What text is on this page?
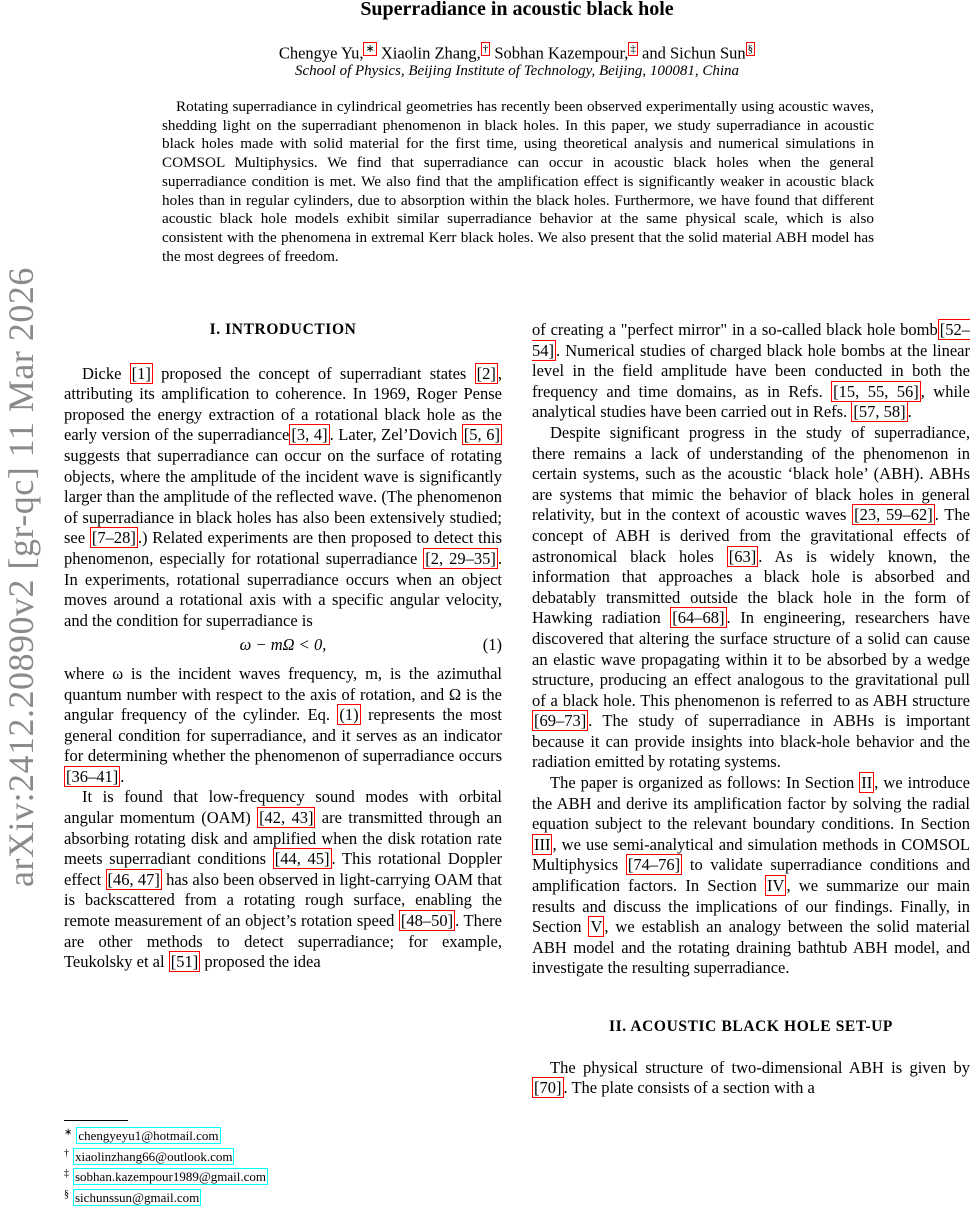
arXiv:2412.20890v2 [gr-qc] 11 Mar 2026
Superradiance in acoustic black hole
Chengye Yu, ∗ Xiaolin Zhang, † Sobhan Kazempour, ‡ and Sichun Sun §
School of Physics, Beijing Institute of Technology, Beijing, 100081, China
Rotating superradiance in cylindrical geometries has recently been observed experimentally using acoustic waves, shedding light on the superradiant phenomenon in black holes. In this paper, we study superradiance in acoustic black holes made with solid material for the first time, using theoretical analysis and numerical simulations in COMSOL Multiphysics. We find that superradiance can occur in acoustic black holes when the general superradiance condition is met. We also find that the amplification effect is significantly weaker in acoustic black holes than in regular cylinders, due to absorption within the black holes. Furthermore, we have found that different acoustic black hole models exhibit similar superradiance behavior at the same physical scale, which is also consistent with the phenomena in extremal Kerr black holes. We also present that the solid material ABH model has the most degrees of freedom.
I. INTRODUCTION

Dicke [1] proposed the concept of superradiant states [2] , attributing its amplification to coherence. In 1969, Roger Pense proposed the energy extraction of a rotational black hole as the early version of the superradiance [3, 4] . Later, Zel’Dovich [5, 6] suggests that superradiance can occur on the surface of rotating objects, where the amplitude of the incident wave is significantly larger than the amplitude of the reflected wave. (The phenomenon of superradiance in black holes has also been extensively studied; see [7–28] .) Related experiments are then proposed to detect this phenomenon, especially for rotational superradiance [2, 29–35] . In experiments, rotational superradiance occurs when an object moves around a rotational axis with a specific angular velocity, and the condition for superradiance is

ω − mΩ < 0,	(1)

where ω is the incident waves frequency, m, is the azimuthal quantum number with respect to the axis of rotation, and Ω is the angular frequency of the cylinder. Eq. (1) represents the most general condition for superradiance, and it serves as an indicator for determining whether the phenomenon of superradiance occurs [36–41] .

It is found that low-frequency sound modes with orbital angular momentum (OAM) [42, 43] are transmitted through an absorbing rotating disk and amplified when the disk rotation rate meets superradiant conditions [44, 45] . This rotational Doppler effect [46, 47] has also been observed in light-carrying OAM that is backscattered from a rotating rough surface, enabling the remote measurement of an object’s rotation speed [48–50] . There are other methods to detect superradiance; for example, Teukolsky et al [51] proposed the idea

of creating a "perfect mirror" in a so-called black hole bomb [52–54] . Numerical studies of charged black hole bombs at the linear level in the field amplitude have been conducted in both the frequency and time domains, as in Refs. [15, 55, 56] , while analytical studies have been carried out in Refs. [57, 58] .

Despite significant progress in the study of superradiance, there remains a lack of understanding of the phenomenon in certain systems, such as the acoustic ‘black hole’ (ABH). ABHs are systems that mimic the behavior of black holes in general relativity, but in the context of acoustic waves [23, 59–62] . The concept of ABH is derived from the gravitational effects of astronomical black holes [63] . As is widely known, the information that approaches a black hole is absorbed and debatably transmitted outside the black hole in the form of Hawking radiation [64–68] . In engineering, researchers have discovered that altering the surface structure of a solid can cause an elastic wave propagating within it to be absorbed by a wedge structure, producing an effect analogous to the gravitational pull of a black hole. This phenomenon is referred to as ABH structure [69–73] . The study of superradiance in ABHs is important because it can provide insights into black-hole behavior and the radiation emitted by rotating systems.

The paper is organized as follows: In Section II , we introduce the ABH and derive its amplification factor by solving the radial equation subject to the relevant boundary conditions. In Section III , we use semi-analytical and simulation methods in COMSOL Multiphysics [74–76] to validate superradiance conditions and amplification factors. In Section IV , we summarize our main results and discuss the implications of our findings. Finally, in Section V , we establish an analogy between the solid material ABH model and the rotating draining bathtub ABH model, and investigate the resulting superradiance.

II. ACOUSTIC BLACK HOLE SET-UP

The physical structure of two-dimensional ABH is given by [70] . The plate consists of a section with a

∗ chengyeyu1@hotmail.com
† xiaolinzhang66@outlook.com
‡ sobhan.kazempour1989@gmail.com
§ sichunssun@gmail.com
